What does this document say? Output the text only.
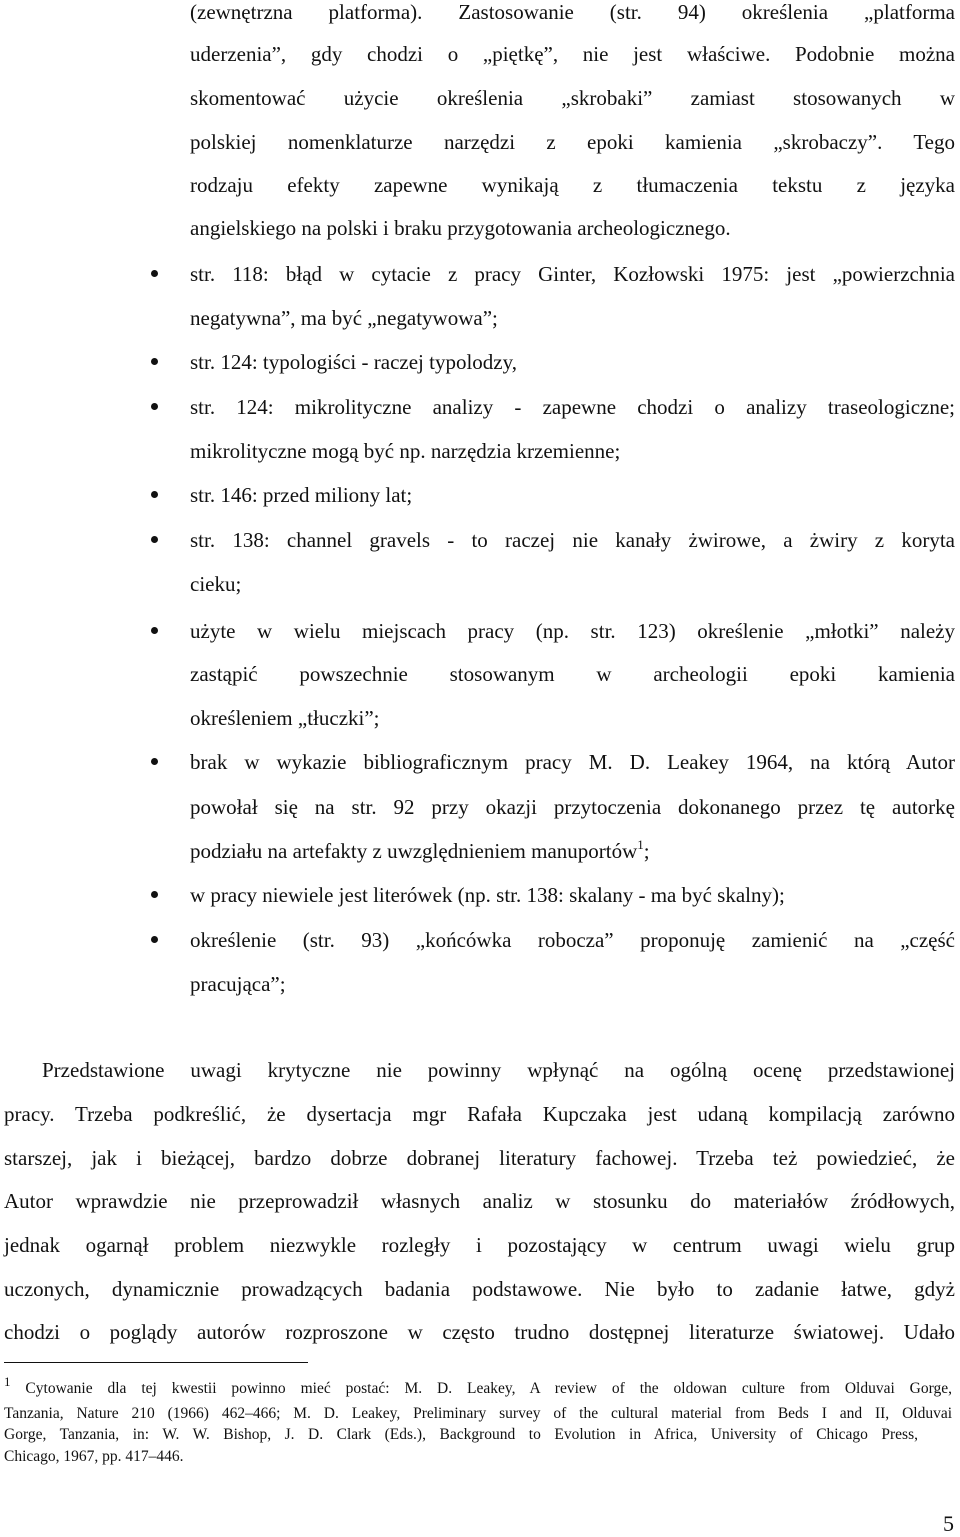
(zewnętrzna platforma). Zastosowanie (str. 94) określenia „platforma
uderzenia”, gdy chodzi o „piętkę”, nie jest właściwe. Podobnie można
skomentować użycie określenia „skrobaki” zamiast stosowanych w
polskiej nomenklaturze narzędzi z epoki kamienia „skrobaczy”. Tego
rodzaju efekty zapewne wynikają z tłumaczenia tekstu z języka
angielskiego na polski i braku przygotowania archeologicznego.
str. 118: błąd w cytacie z pracy Ginter, Kozłowski 1975: jest „powierzchnia
negatywna”, ma być „negatywowa”;
str. 124: typologiści - raczej typolodzy,
str. 124: mikrolityczne analizy - zapewne chodzi o analizy traseologiczne;
mikrolityczne mogą być np. narzędzia krzemienne;
str. 146: przed miliony lat;
str. 138: channel gravels - to raczej nie kanały żwirowe, a żwiry z koryta
cieku;
użyte w wielu miejscach pracy (np. str. 123) określenie „młotki” należy
zastąpić powszechnie stosowanym w archeologii epoki kamienia
określeniem „tłuczki”;
brak w wykazie bibliograficznym pracy M. D. Leakey 1964, na którą Autor
powołał się na str. 92 przy okazji przytoczenia dokonanego przez tę autorkę
podziału na artefakty z uwzględnieniem manuportów$^1$;
w pracy niewiele jest literówek (np. str. 138: skalany - ma być skalny);
określenie (str. 93) „końcówka robocza” proponuję zamienić na „część
pracująca”;
Przedstawione uwagi krytyczne nie powinny wpłynąć na ogólną ocenę przedstawionej
pracy. Trzeba podkreślić, że dysertacja mgr Rafała Kupczaka jest udaną kompilacją zarówno
starszej, jak i bieżącej, bardzo dobrze dobranej literatury fachowej. Trzeba też powiedzieć, że
Autor wprawdzie nie przeprowadził własnych analiz w stosunku do materiałów źródłowych,
jednak ogarnął problem niezwykle rozległy i pozostający w centrum uwagi wielu grup
uczonych, dynamicznie prowadzących badania podstawowe. Nie było to zadanie łatwe, gdyż
chodzi o poglądy autorów rozproszone w często trudno dostępnej literaturze światowej. Udało
$^1$ Cytowanie dla tej kwestii powinno mieć postać: M. D. Leakey, A review of the oldowan culture from Olduvai Gorge,
Tanzania, Nature 210 (1966) 462–466; M. D. Leakey, Preliminary survey of the cultural material from Beds I and II, Olduvai
Gorge, Tanzania, in: W. W. Bishop, J. D. Clark (Eds.), Background to Evolution in Africa, University of Chicago Press,
Chicago, 1967, pp. 417–446.
5
